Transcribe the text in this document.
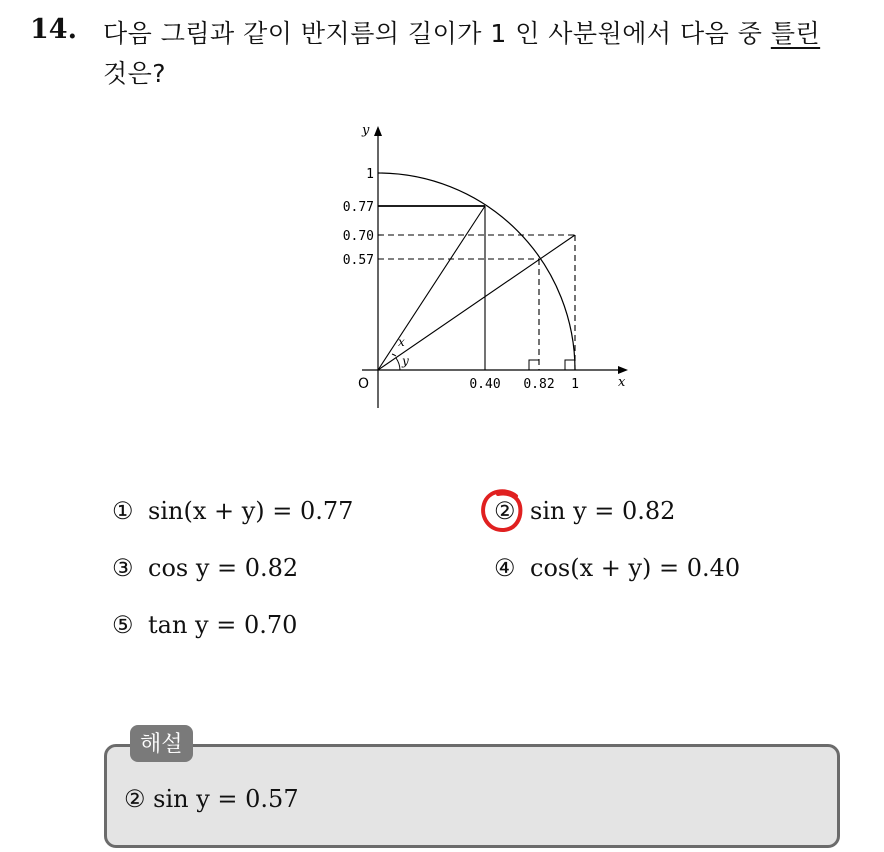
14. 다음 그림과 같이 반지름의 길이가 1 인 사분원에서 다음 중 틀린
것은?
y
x
O
1
0.77
0.70
0.57
0.40 0.82 1
x
y
① sin(x + y) = 0.77	② sin y = 0.82
③ cos y = 0.82	④ cos(x + y) = 0.40
⑤ tan y = 0.70
해설
② sin y = 0.57
